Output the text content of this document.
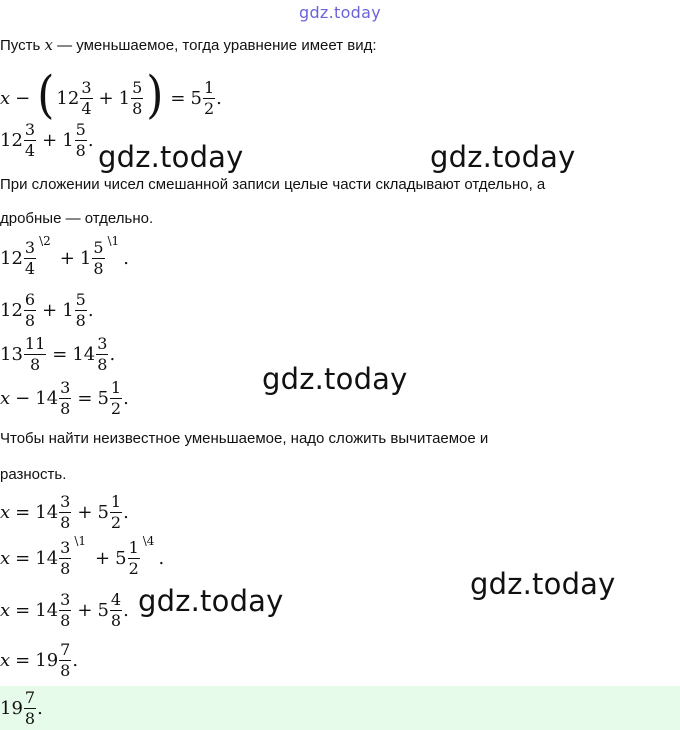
gdz.today
Пусть x — уменьшаемое, тогда уравнение имеет вид:
x − ( $12 \frac{3}{4} + 1 \frac{5}{8}$ ) = $5 \frac{1}{2}$ .
$12 \frac{3}{4} + 1 \frac{5}{8}$ . gdz.today	gdz.today
При сложении чисел смешанной записи целые части складывают отдельно, а
дробные — отдельно.
$12 \frac{3}{4}$ \2
+ $1 \frac{5}{8}$ \1
.
$12 \frac{6}{8} + 1 \frac{5}{8}$ .
$13 \frac{11}{8} = 14 \frac{3}{8}$ .
gdz.today
$x - 14 \frac{3}{8} = 5 \frac{1}{2}$ .
Чтобы найти неизвестное уменьшаемое, надо сложить вычитаемое и
разность.
$x = 14 \frac{3}{8} + 5 \frac{1}{2}$ .
$x = 14 \frac{3}{8}$ \1
+ $5 \frac{1}{2}$ \4
.
gdz.today
$x = 14 \frac{3}{8} + 5 \frac{4}{8}$ . gdz.today
$x = 19 \frac{7}{8}$ .
$19 \frac{7}{8}$ .
